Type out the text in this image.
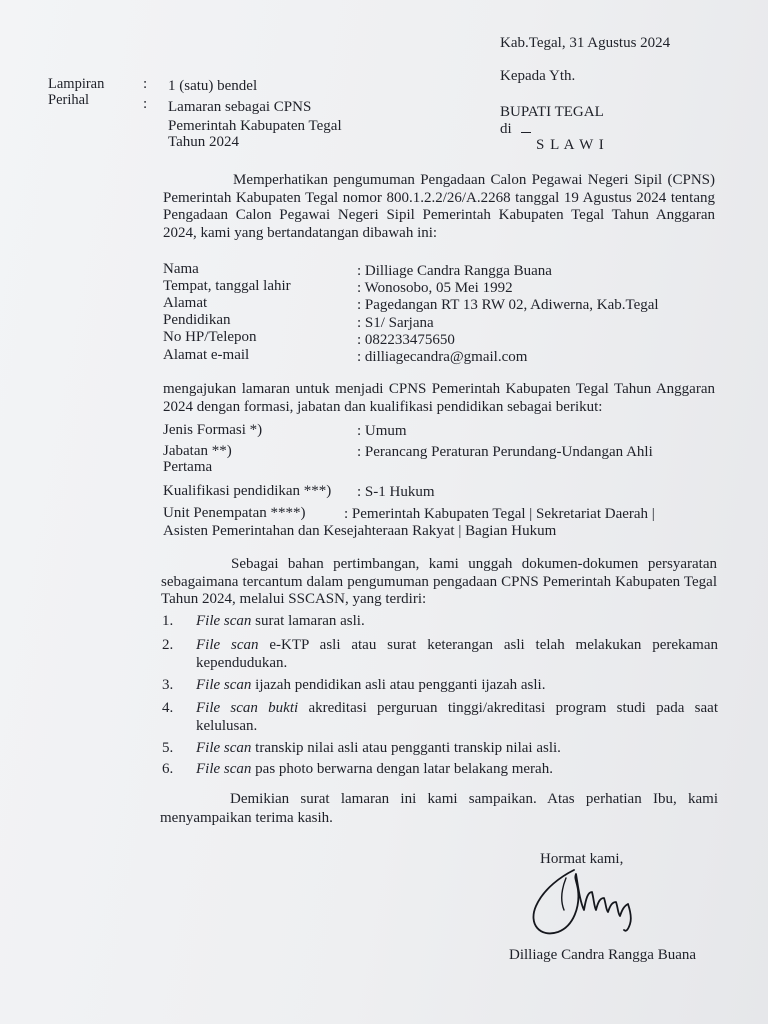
Kab.Tegal, 31 Agustus 2024
Kepada Yth.
BUPATI TEGAL
di
S L A W I
Lampiran	: 1 (satu) bendel
Perihal	: Lamaran sebagai CPNS
Pemerintah Kabupaten Tegal
Tahun 2024
Memperhatikan pengumuman Pengadaan Calon Pegawai Negeri Sipil (CPNS) Pemerintah Kabupaten Tegal nomor 800.1.2.2/26/A.2268 tanggal 19 Agustus 2024 tentang Pengadaan Calon Pegawai Negeri Sipil Pemerintah Kabupaten Tegal Tahun Anggaran 2024, kami yang bertandatangan dibawah ini:
Nama	: Dilliage Candra Rangga Buana
Tempat, tanggal lahir	: Wonosobo, 05 Mei 1992
Alamat	: Pagedangan RT 13 RW 02, Adiwerna, Kab.Tegal
Pendidikan	: S1/ Sarjana
No HP/Telepon	: 082233475650
Alamat e-mail	: dilliagecandra@gmail.com
mengajukan lamaran untuk menjadi CPNS Pemerintah Kabupaten Tegal Tahun Anggaran 2024 dengan formasi, jabatan dan kualifikasi pendidikan sebagai berikut:
Jenis Formasi *)	: Umum
Jabatan **)	: Perancang Peraturan Perundang-Undangan Ahli
Pertama
Kualifikasi pendidikan ***) : S-1 Hukum
Unit Penempatan ****)	: Pemerintah Kabupaten Tegal | Sekretariat Daerah |
Asisten Pemerintahan dan Kesejahteraan Rakyat | Bagian Hukum
Sebagai bahan pertimbangan, kami unggah dokumen-dokumen persyaratan sebagaimana tercantum dalam pengumuman pengadaan CPNS Pemerintah Kabupaten Tegal Tahun 2024, melalui SSCASN, yang terdiri:
1. File scan surat lamaran asli.
2. File scan e-KTP asli atau surat keterangan asli telah melakukan perekaman kependudukan.
3. File scan ijazah pendidikan asli atau pengganti ijazah asli.
4. File scan bukti akreditasi perguruan tinggi/akreditasi program studi pada saat kelulusan.
5. File scan transkip nilai asli atau pengganti transkip nilai asli.
6. File scan pas photo berwarna dengan latar belakang merah.
Demikian surat lamaran ini kami sampaikan. Atas perhatian Ibu, kami menyampaikan terima kasih.
Hormat kami,
Dilliage Candra Rangga Buana
